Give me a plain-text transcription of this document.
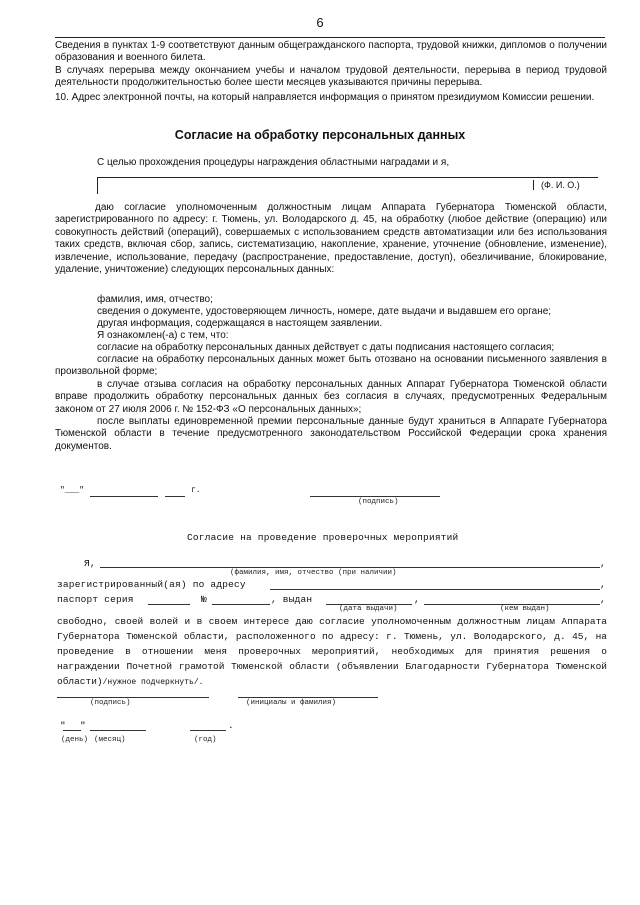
6
Сведения в пунктах 1-9 соответствуют данным общегражданского паспорта, трудовой книжки, дипломов о получении образования и военного билета.
В случаях перерыва между окончанием учебы и началом трудовой деятельности, перерыва в период трудовой деятельности продолжительностью более шести месяцев указываются причины перерыва.
10. Адрес электронной почты, на который направляется информация о принятом президиумом Комиссии решении.
Согласие на обработку персональных данных
С целью прохождения процедуры награждения областными наградами и я,
(Ф. И. О.)
даю согласие уполномоченным должностным лицам Аппарата Губернатора Тюменской области, зарегистрированного по адресу: г. Тюмень, ул. Володарского д. 45, на обработку (любое действие (операцию) или совокупность действий (операций), совершаемых с использованием средств автоматизации или без использования таких средств, включая сбор, запись, систематизацию, накопление, хранение, уточнение (обновление, изменение), извлечение, использование, передачу (распространение, предоставление, доступ), обезличивание, блокирование, удаление, уничтожение) следующих персональных данных:
фамилия, имя, отчество;
сведения о документе, удостоверяющем личность, номере, дате выдачи и выдавшем его органе;
другая информация, содержащаяся в настоящем заявлении.
Я ознакомлен(-а) с тем, что:
согласие на обработку персональных данных действует с даты подписания настоящего согласия;
согласие на обработку персональных данных может быть отозвано на основании письменного заявления в произвольной форме;
в случае отзыва согласия на обработку персональных данных Аппарат Губернатора Тюменской области вправе продолжить обработку персональных данных без согласия в случаях, предусмотренных Федеральным законом от 27 июля 2006 г. № 152-ФЗ «О персональных данных»;
после выплаты единовременной премии персональные данные будут храниться в Аппарате Губернатора Тюменской области в течение предусмотренного законодательством Российской Федерации срока хранения документов.
"___"	г.
(подпись)
Согласие на проведение проверочных мероприятий
Я,	,
(фамилия, имя, отчество (при наличии)
зарегистрированный(ая) по адресу	,
паспорт серия	№	, выдан	,	,
(дата выдачи)	(кем выдан)
свободно, своей волей и в своем интересе даю согласие уполномоченным должностным лицам Аппарата Губернатора Тюменской области, расположенного по адресу: г. Тюмень, ул. Володарского, д. 45, на проведение в отношении меня проверочных мероприятий, необходимых для принятия решения о награждении Почетной грамотой Тюменской области (объявлении Благодарности Губернатора Тюменской области)/нужное подчеркнуть/.
(подпись)	(инициалы и фамилия)
" "	.
(день) (месяц)	(год)
